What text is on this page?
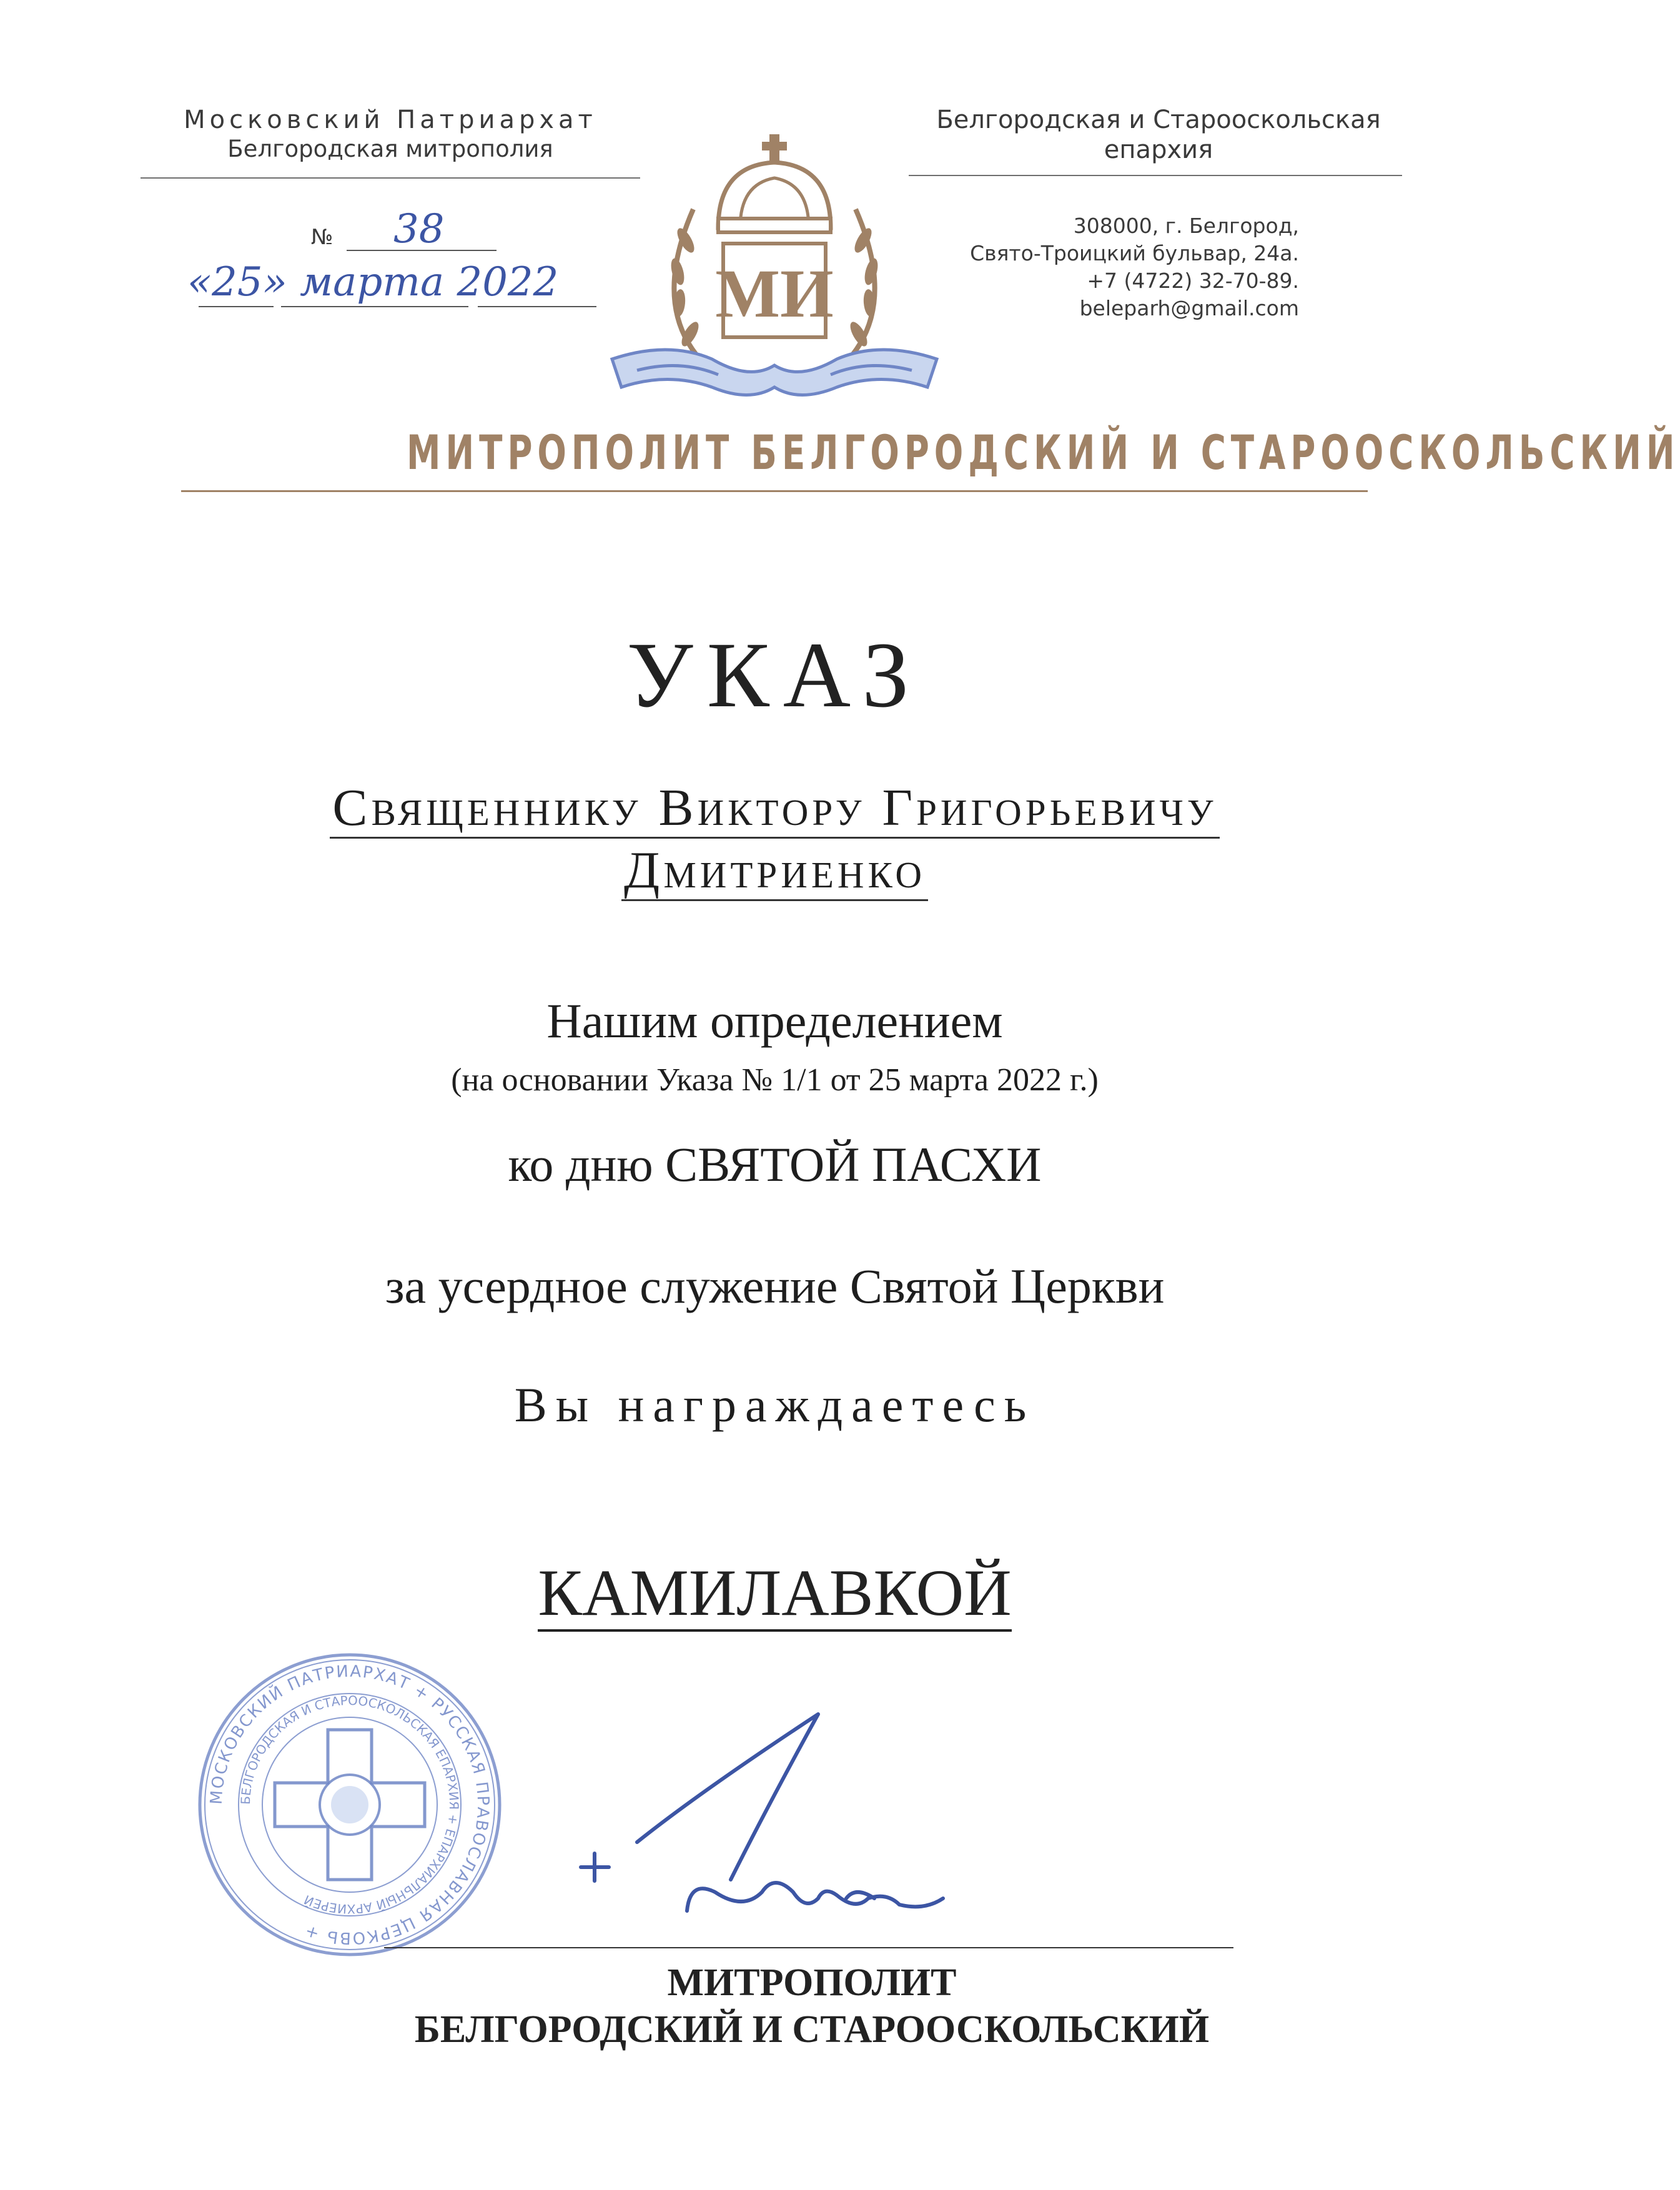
Московский Патриархат
Белгородская митрополия
Белгородская и Старооскольская
епархия
308000, г. Белгород,
Свято-Троицкий бульвар, 24а.
+7 (4722) 32-70-89.
beleparh@gmail.com
№ 38
«25» марта 2022 МИ
МИТРОПОЛИТ БЕЛГОРОДСКИЙ И СТАРООСКОЛЬСКИЙ
УКАЗ
Священнику Виктору Григорьевичу
Дмитриенко
Нашим определением
(на основании Указа № 1/1 от 25 марта 2022 г.)
ко дню СВЯТОЙ ПАСХИ
за усердное служение Святой Церкви
Вы награждаетесь
КАМИЛАВКОЙ
МОСКОВСКИЙ ПАТРИАРХАТ + РУССКАЯ ПРАВОСЛАВНАЯ ЦЕРКОВЬ +
БЕЛГОРОДСКАЯ И СТАРООСКОЛЬСКАЯ ЕПАРХИЯ + ЕПАРХИАЛЬНЫЙ АРХИЕРЕЙ
МИТРОПОЛИТ
БЕЛГОРОДСКИЙ И СТАРООСКОЛЬСКИЙ
